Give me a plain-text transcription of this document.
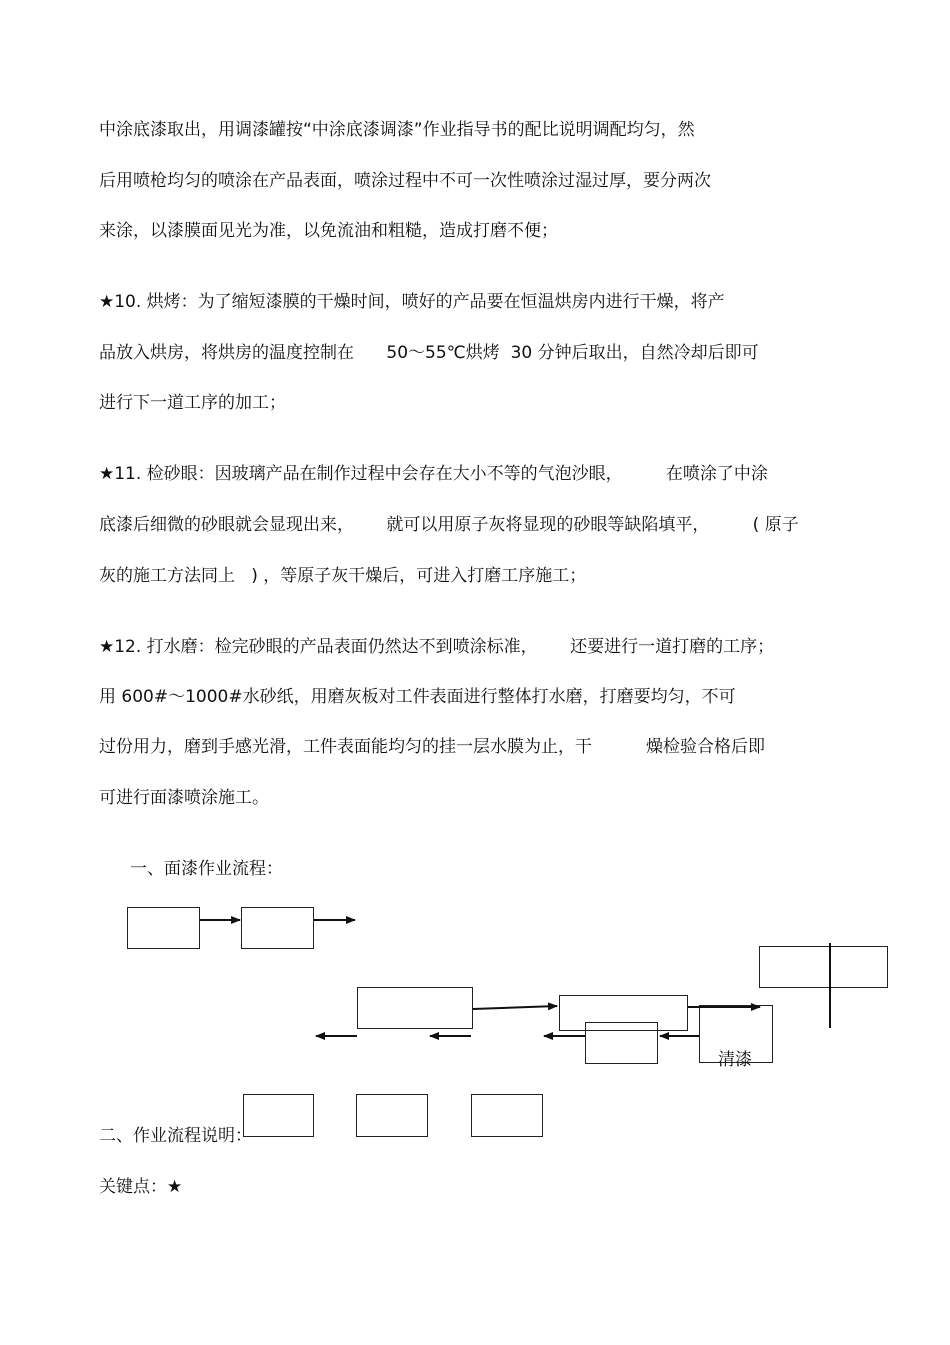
中涂底漆取出，用调漆罐按“中涂底漆调漆”作业指导书的配比说明调配均匀，然
后用喷枪均匀的喷涂在产品表面，喷涂过程中不可一次性喷涂过湿过厚，要分两次
来涂，以漆膜面见光为准，以免流油和粗糙，造成打磨不便；
★10. 烘烤：为了缩短漆膜的干燥时间，喷好的产品要在恒温烘房内进行干燥，将产
品放入烘房，将烘房的温度控制在      50～55℃烘烤  30 分钟后取出，自然冷却后即可
进行下一道工序的加工；
★11. 检砂眼：因玻璃产品在制作过程中会存在大小不等的气泡沙眼，        在喷涂了中涂
底漆后细微的砂眼就会显现出来，      就可以用原子灰将显现的砂眼等缺陷填平，        ( 原子
灰的施工方法同上   ) ，等原子灰干燥后，可进入打磨工序施工；
★12. 打水磨：检完砂眼的产品表面仍然达不到喷涂标准，      还要进行一道打磨的工序；
用 600#～1000#水砂纸，用磨灰板对工件表面进行整体打水磨，打磨要均匀，不可
过份用力，磨到手感光滑，工件表面能均匀的挂一层水膜为止，干          燥检验合格后即
可进行面漆喷涂施工。
一、面漆作业流程：
清漆
二、作业流程说明：
关键点：★
